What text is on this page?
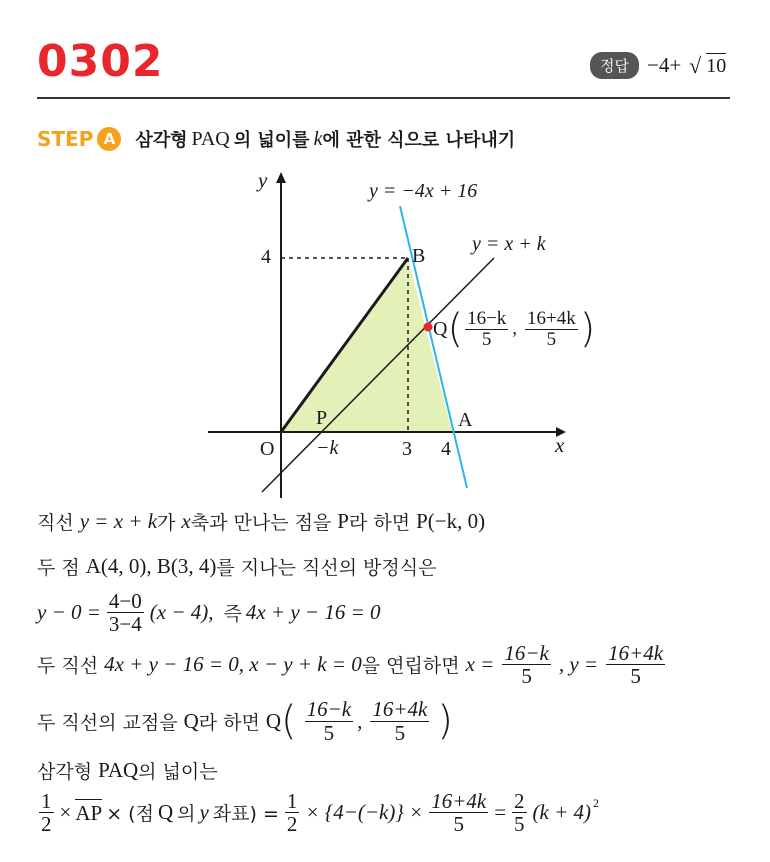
0302	정답 −4+ √ 10
STEP A	삼각형 PAQ 의 넓이를 k 에 관한 식으로 나타내기
y
x
O
y = −4x + 16
y = x + k
B
A
P
4
−k	3 4
Q ( $\frac{16-k}{5}$ , $\frac{16+4k}{5}$ )
직선 y = x + k 가 x 축과 만나는 점을 P 라 하면 P(−k, 0)
두 점 A(4, 0), B(3, 4) 를 지나는 직선의 방정식은
$y - 0 = \frac{4-0}{3-4} (x - 4)$, 즉 4x + y − 16 = 0
두 직선 4x + y − 16 = 0, x − y + k = 0 을 연립하면 $x = \frac{16-k}{5}$ , $y = \frac{16+4k}{5}$
두 직선의 교점을 Q 라 하면 Q ( $\frac{16-k}{5}$ , $\frac{16+4k}{5}$ )
삼각형 PAQ 의 넓이는
$\frac{1}{2}$ × AP × (점 Q 의 y 좌표) = $\frac{1}{2} \times \{4-(-k)\} \times \frac{16+4k}{5} = \frac{2}{5} (k + 4)$ 2
